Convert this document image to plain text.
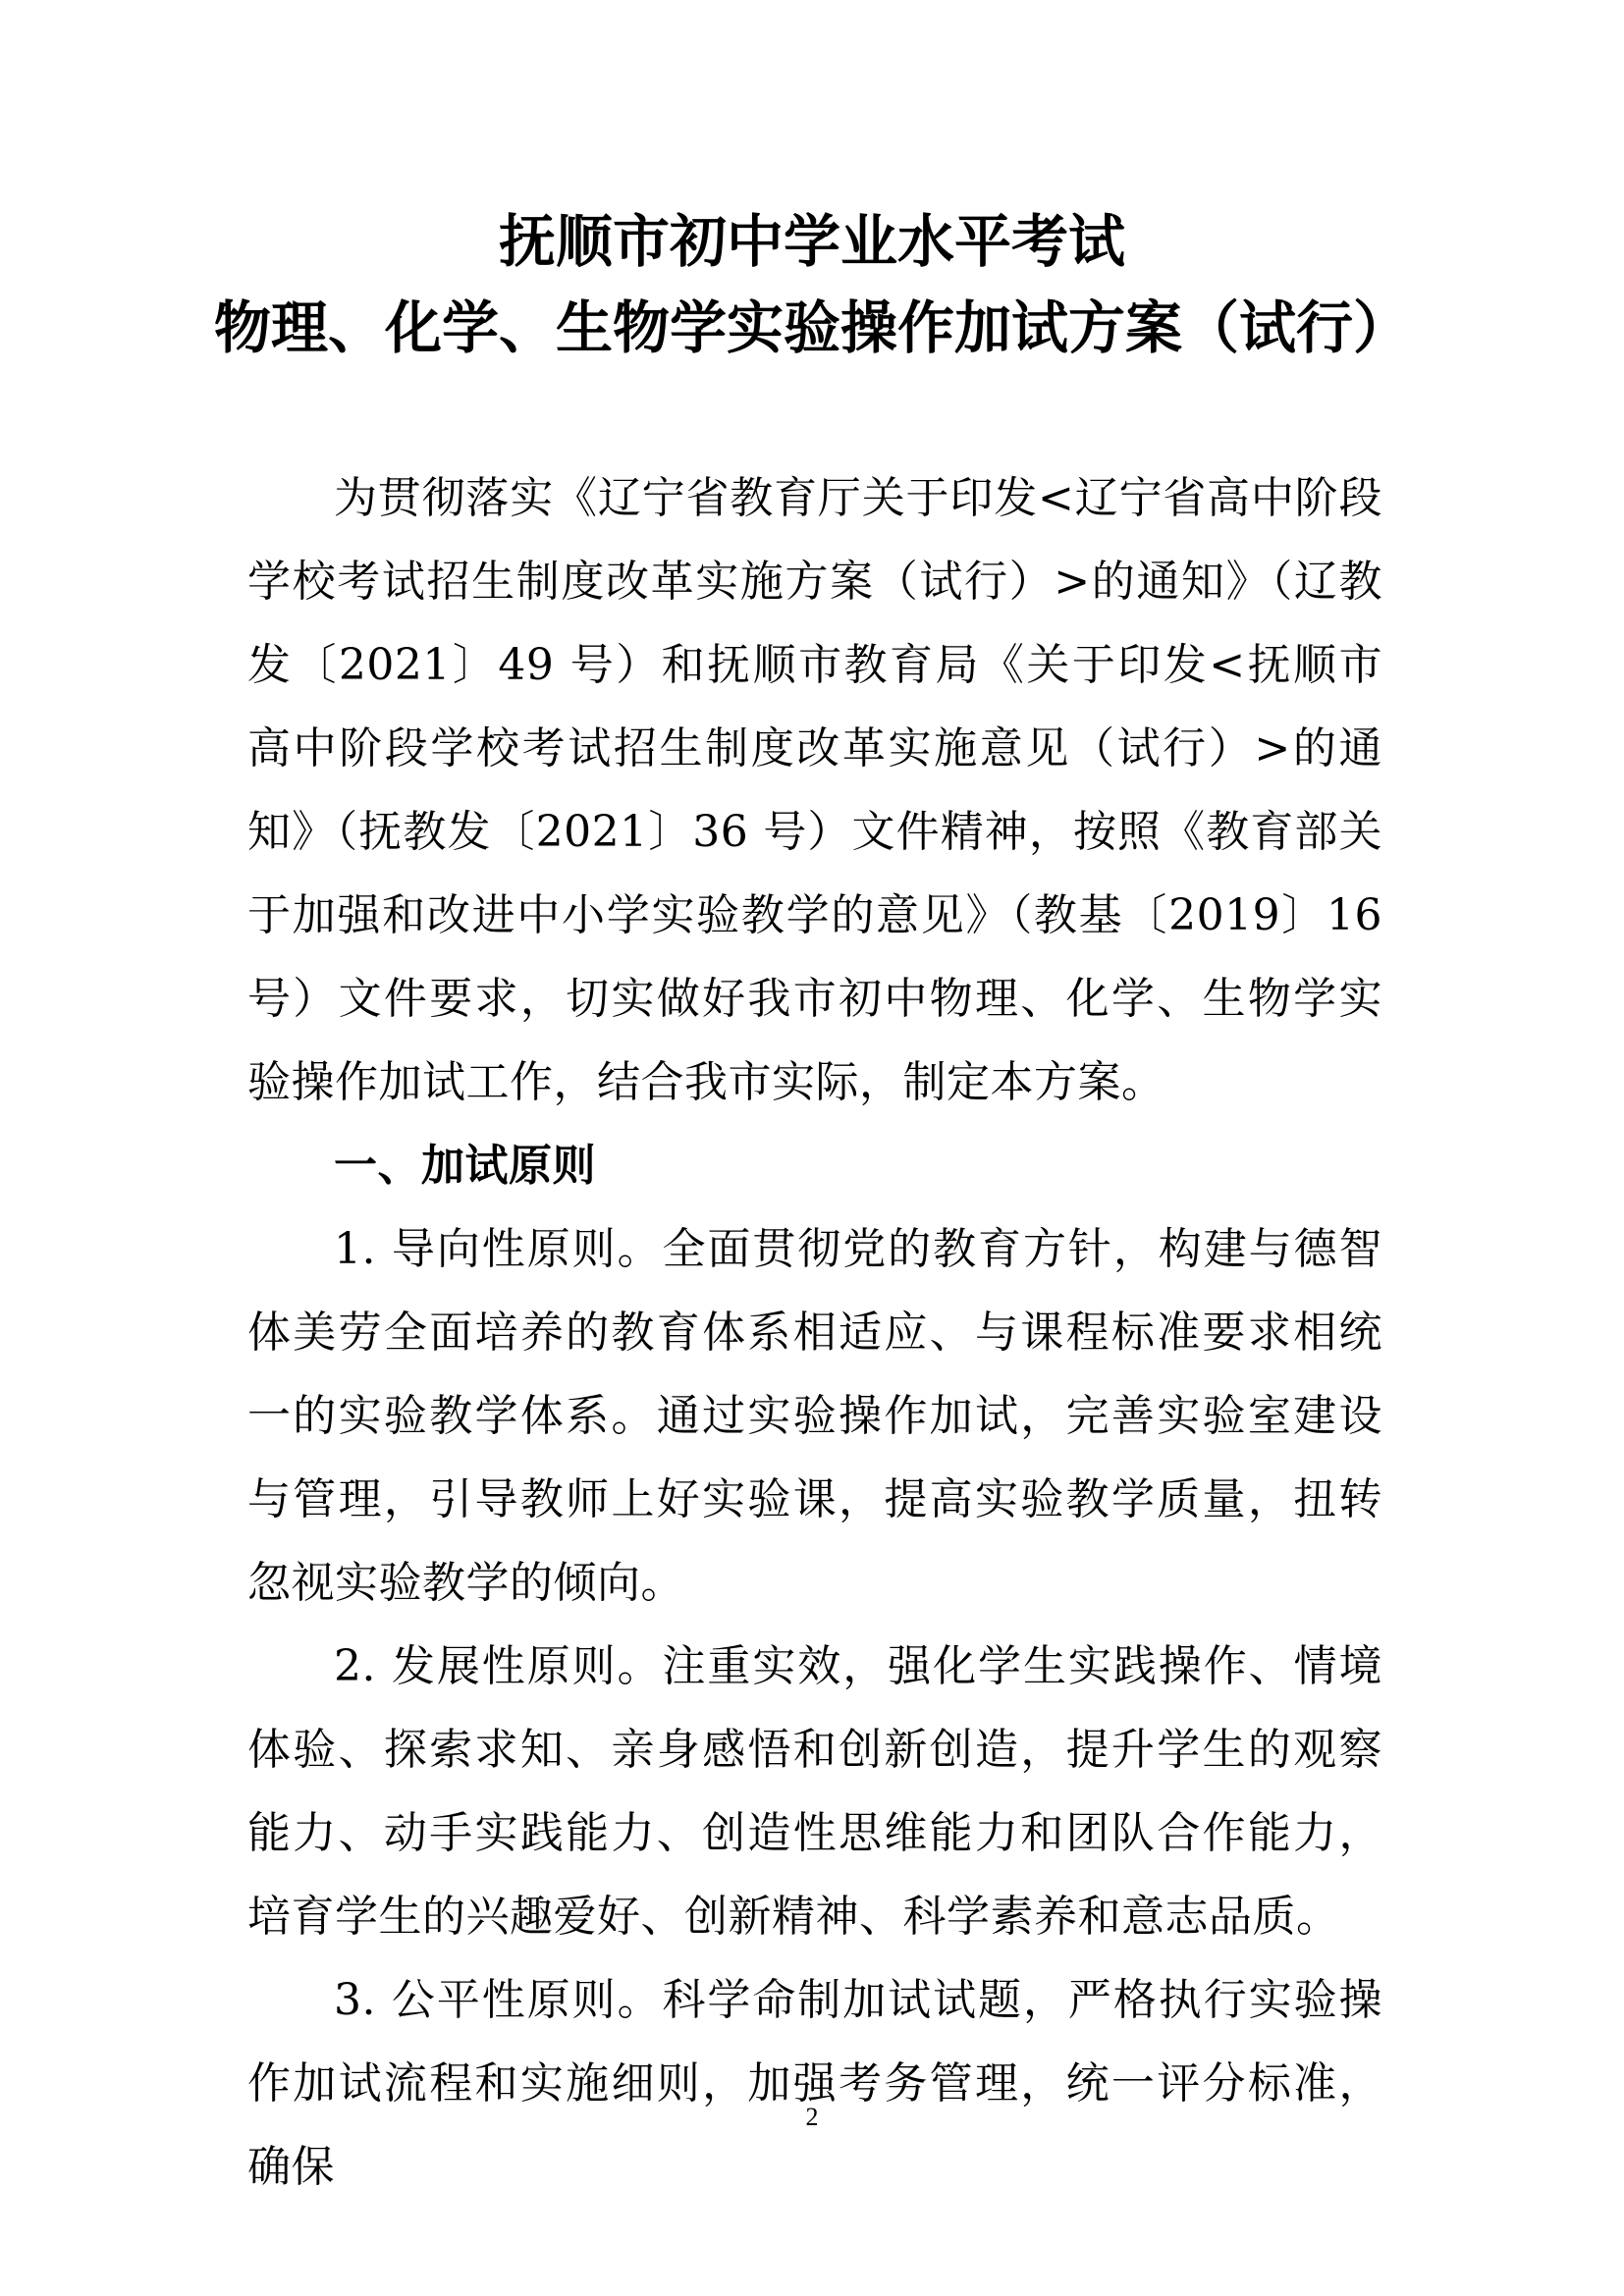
抚顺市初中学业水平考试
物理、化学、生物学实验操作加试方案（试行）

为贯彻落实《辽宁省教育厅关于印发<辽宁省高中阶段学校考试招生制度改革实施方案（试行）>的通知》（辽教发〔2021〕49 号）和抚顺市教育局《关于印发<抚顺市高中阶段学校考试招生制度改革实施意见（试行）>的通知》（抚教发〔2021〕36 号）文件精神，按照《教育部关于加强和改进中小学实验教学的意见》（教基〔2019〕16 号）文件要求，切实做好我市初中物理、化学、生物学实验操作加试工作，结合我市实际，制定本方案。

一、加试原则

1. 导向性原则。全面贯彻党的教育方针，构建与德智体美劳全面培养的教育体系相适应、与课程标准要求相统一的实验教学体系。通过实验操作加试，完善实验室建设与管理，引导教师上好实验课，提高实验教学质量，扭转忽视实验教学的倾向。

2. 发展性原则。注重实效，强化学生实践操作、情境体验、探索求知、亲身感悟和创新创造，提升学生的观察能力、动手实践能力、创造性思维能力和团队合作能力，培育学生的兴趣爱好、创新精神、科学素养和意志品质。

3. 公平性原则。科学命制加试试题，严格执行实验操作加试流程和实施细则，加强考务管理，统一评分标准，确保

2
